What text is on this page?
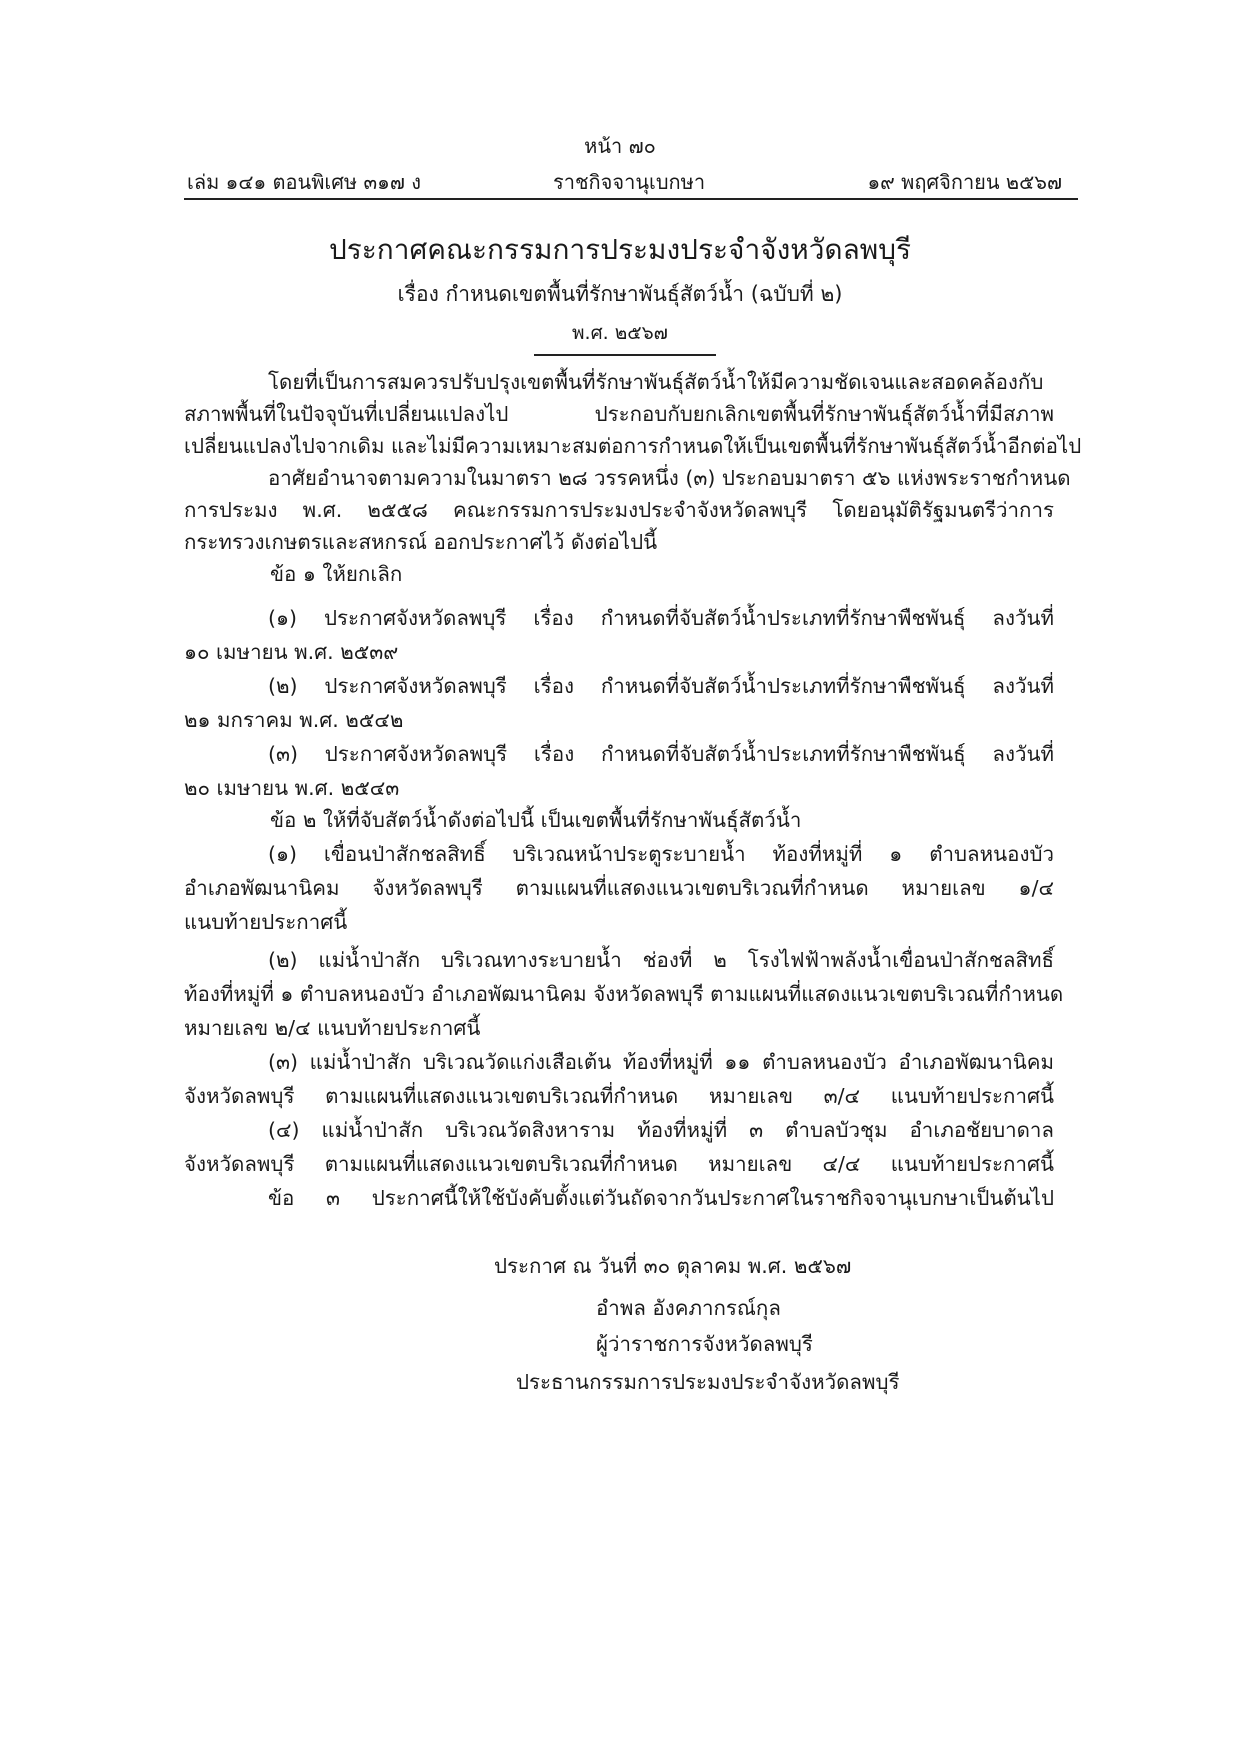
หน้า ๗๐
เล่ม ๑๔๑ ตอนพิเศษ ๓๑๗ ง	ราชกิจจานุเบกษา	๑๙ พฤศจิกายน ๒๕๖๗
ประกาศคณะกรรมการประมงประจำจังหวัดลพบุรี
เรื่อง กำหนดเขตพื้นที่รักษาพันธุ์สัตว์น้ำ (ฉบับที่ ๒)
พ.ศ. ๒๕๖๗
โดยที่เป็นการสมควรปรับปรุงเขตพื้นที่รักษาพันธุ์สัตว์น้ำให้มีความชัดเจนและสอดคล้องกับ
สภาพพื้นที่ในปัจจุบันที่เปลี่ยนแปลงไป ประกอบกับยกเลิกเขตพื้นที่รักษาพันธุ์สัตว์น้ำที่มีสภาพ
เปลี่ยนแปลงไปจากเดิม และไม่มีความเหมาะสมต่อการกำหนดให้เป็นเขตพื้นที่รักษาพันธุ์สัตว์น้ำอีกต่อไป
อาศัยอำนาจตามความในมาตรา ๒๘ วรรคหนึ่ง (๓) ประกอบมาตรา ๕๖ แห่งพระราชกำหนด
การประมง พ.ศ. ๒๕๕๘ คณะกรรมการประมงประจำจังหวัดลพบุรี โดยอนุมัติรัฐมนตรีว่าการ
กระทรวงเกษตรและสหกรณ์ ออกประกาศไว้ ดังต่อไปนี้
ข้อ ๑ ให้ยกเลิก
(๑) ประกาศจังหวัดลพบุรี เรื่อง กำหนดที่จับสัตว์น้ำประเภทที่รักษาพืชพันธุ์ ลงวันที่
๑๐ เมษายน พ.ศ. ๒๕๓๙
(๒) ประกาศจังหวัดลพบุรี เรื่อง กำหนดที่จับสัตว์น้ำประเภทที่รักษาพืชพันธุ์ ลงวันที่
๒๑ มกราคม พ.ศ. ๒๕๔๒
(๓) ประกาศจังหวัดลพบุรี เรื่อง กำหนดที่จับสัตว์น้ำประเภทที่รักษาพืชพันธุ์ ลงวันที่
๒๐ เมษายน พ.ศ. ๒๕๔๓
ข้อ ๒ ให้ที่จับสัตว์น้ำดังต่อไปนี้ เป็นเขตพื้นที่รักษาพันธุ์สัตว์น้ำ
(๑) เขื่อนป่าสักชลสิทธิ์ บริเวณหน้าประตูระบายน้ำ ท้องที่หมู่ที่ ๑ ตำบลหนองบัว
อำเภอพัฒนานิคม จังหวัดลพบุรี ตามแผนที่แสดงแนวเขตบริเวณที่กำหนด หมายเลข ๑/๔
แนบท้ายประกาศนี้
(๒) แม่น้ำป่าสัก บริเวณทางระบายน้ำ ช่องที่ ๒ โรงไฟฟ้าพลังน้ำเขื่อนป่าสักชลสิทธิ์
ท้องที่หมู่ที่ ๑ ตำบลหนองบัว อำเภอพัฒนานิคม จังหวัดลพบุรี ตามแผนที่แสดงแนวเขตบริเวณที่กำหนด
หมายเลข ๒/๔ แนบท้ายประกาศนี้
(๓) แม่น้ำป่าสัก บริเวณวัดแก่งเสือเต้น ท้องที่หมู่ที่ ๑๑ ตำบลหนองบัว อำเภอพัฒนานิคม
จังหวัดลพบุรี ตามแผนที่แสดงแนวเขตบริเวณที่กำหนด หมายเลข ๓/๔ แนบท้ายประกาศนี้
(๔) แม่น้ำป่าสัก บริเวณวัดสิงหาราม ท้องที่หมู่ที่ ๓ ตำบลบัวชุม อำเภอชัยบาดาล
จังหวัดลพบุรี ตามแผนที่แสดงแนวเขตบริเวณที่กำหนด หมายเลข ๔/๔ แนบท้ายประกาศนี้
ข้อ ๓ ประกาศนี้ให้ใช้บังคับตั้งแต่วันถัดจากวันประกาศในราชกิจจานุเบกษาเป็นต้นไป
ประกาศ ณ วันที่ ๓๐ ตุลาคม พ.ศ. ๒๕๖๗
อำพล อังคภากรณ์กุล
ผู้ว่าราชการจังหวัดลพบุรี
ประธานกรรมการประมงประจำจังหวัดลพบุรี
